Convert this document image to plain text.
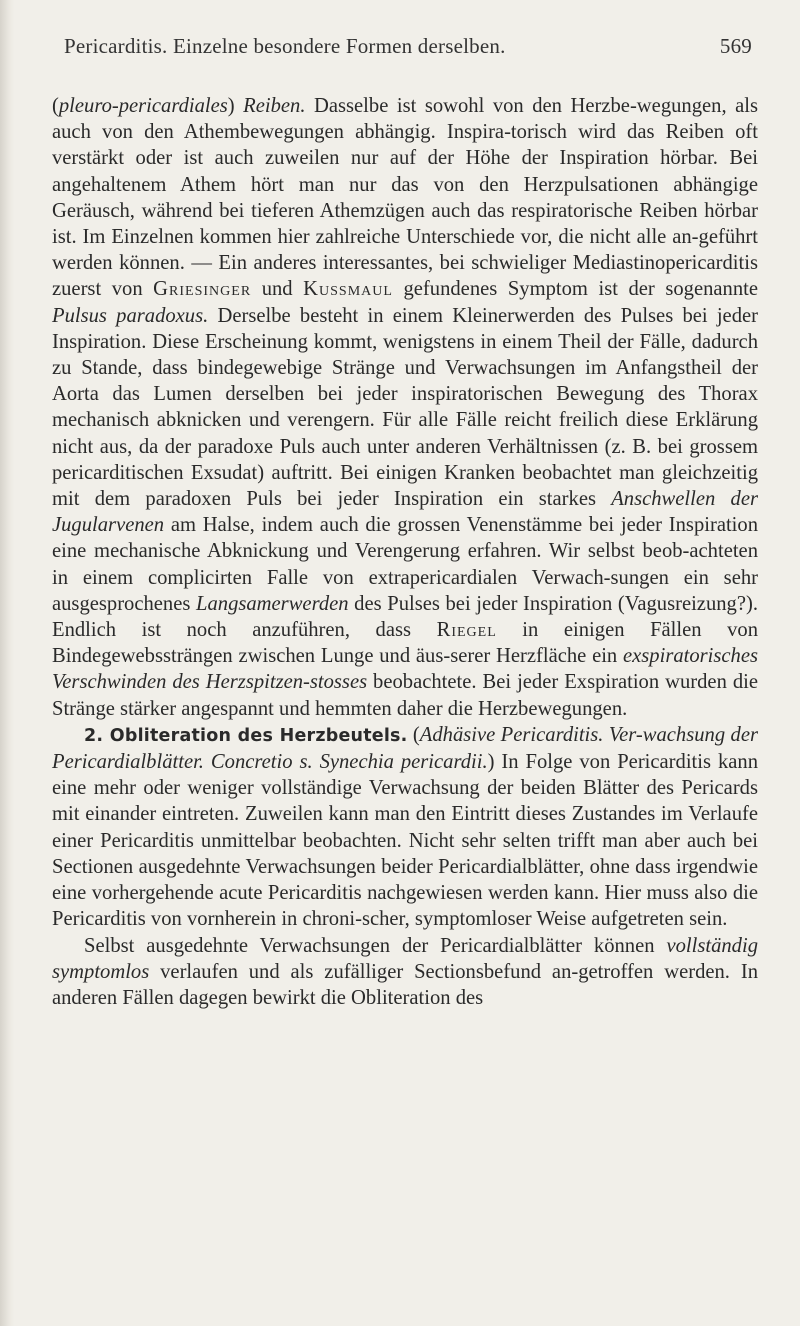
Pericarditis. Einzelne besondere Formen derselben.	569

(pleuro-pericardiales) Reiben. Dasselbe ist sowohl von den Herzbe-wegungen, als auch von den Athembewegungen abhängig. Inspira-torisch wird das Reiben oft verstärkt oder ist auch zuweilen nur auf der Höhe der Inspiration hörbar. Bei angehaltenem Athem hört man nur das von den Herzpulsationen abhängige Geräusch, während bei tieferen Athemzügen auch das respiratorische Reiben hörbar ist. Im Einzelnen kommen hier zahlreiche Unterschiede vor, die nicht alle an-geführt werden können. — Ein anderes interessantes, bei schwieliger Mediastinopericarditis zuerst von Griesinger und Kussmaul gefundenes Symptom ist der sogenannte Pulsus paradoxus. Derselbe besteht in einem Kleinerwerden des Pulses bei jeder Inspiration. Diese Erscheinung kommt, wenigstens in einem Theil der Fälle, dadurch zu Stande, dass bindegewebige Stränge und Verwachsungen im Anfangstheil der Aorta das Lumen derselben bei jeder inspiratorischen Bewegung des Thorax mechanisch abknicken und verengern. Für alle Fälle reicht freilich diese Erklärung nicht aus, da der paradoxe Puls auch unter anderen Verhältnissen (z. B. bei grossem pericarditischen Exsudat) auftritt. Bei einigen Kranken beobachtet man gleichzeitig mit dem paradoxen Puls bei jeder Inspiration ein starkes Anschwellen der Jugularvenen am Halse, indem auch die grossen Venenstämme bei jeder Inspiration eine mechanische Abknickung und Verengerung erfahren. Wir selbst beob-achteten in einem complicirten Falle von extrapericardialen Verwach-sungen ein sehr ausgesprochenes Langsamerwerden des Pulses bei jeder Inspiration (Vagusreizung?). Endlich ist noch anzuführen, dass Riegel in einigen Fällen von Bindegewebssträngen zwischen Lunge und äus-serer Herzfläche ein exspiratorisches Verschwinden des Herzspitzen-stosses beobachtete. Bei jeder Exspiration wurden die Stränge stärker angespannt und hemmten daher die Herzbewegungen.

2. Obliteration des Herzbeutels. (Adhäsive Pericarditis. Ver-wachsung der Pericardialblätter. Concretio s. Synechia pericardii.) In Folge von Pericarditis kann eine mehr oder weniger vollständige Verwachsung der beiden Blätter des Pericards mit einander eintreten. Zuweilen kann man den Eintritt dieses Zustandes im Verlaufe einer Pericarditis unmittelbar beobachten. Nicht sehr selten trifft man aber auch bei Sectionen ausgedehnte Verwachsungen beider Pericardialblätter, ohne dass irgendwie eine vorhergehende acute Pericarditis nachgewiesen werden kann. Hier muss also die Pericarditis von vornherein in chroni-scher, symptomloser Weise aufgetreten sein.

Selbst ausgedehnte Verwachsungen der Pericardialblätter können vollständig symptomlos verlaufen und als zufälliger Sectionsbefund an-getroffen werden. In anderen Fällen dagegen bewirkt die Obliteration des
